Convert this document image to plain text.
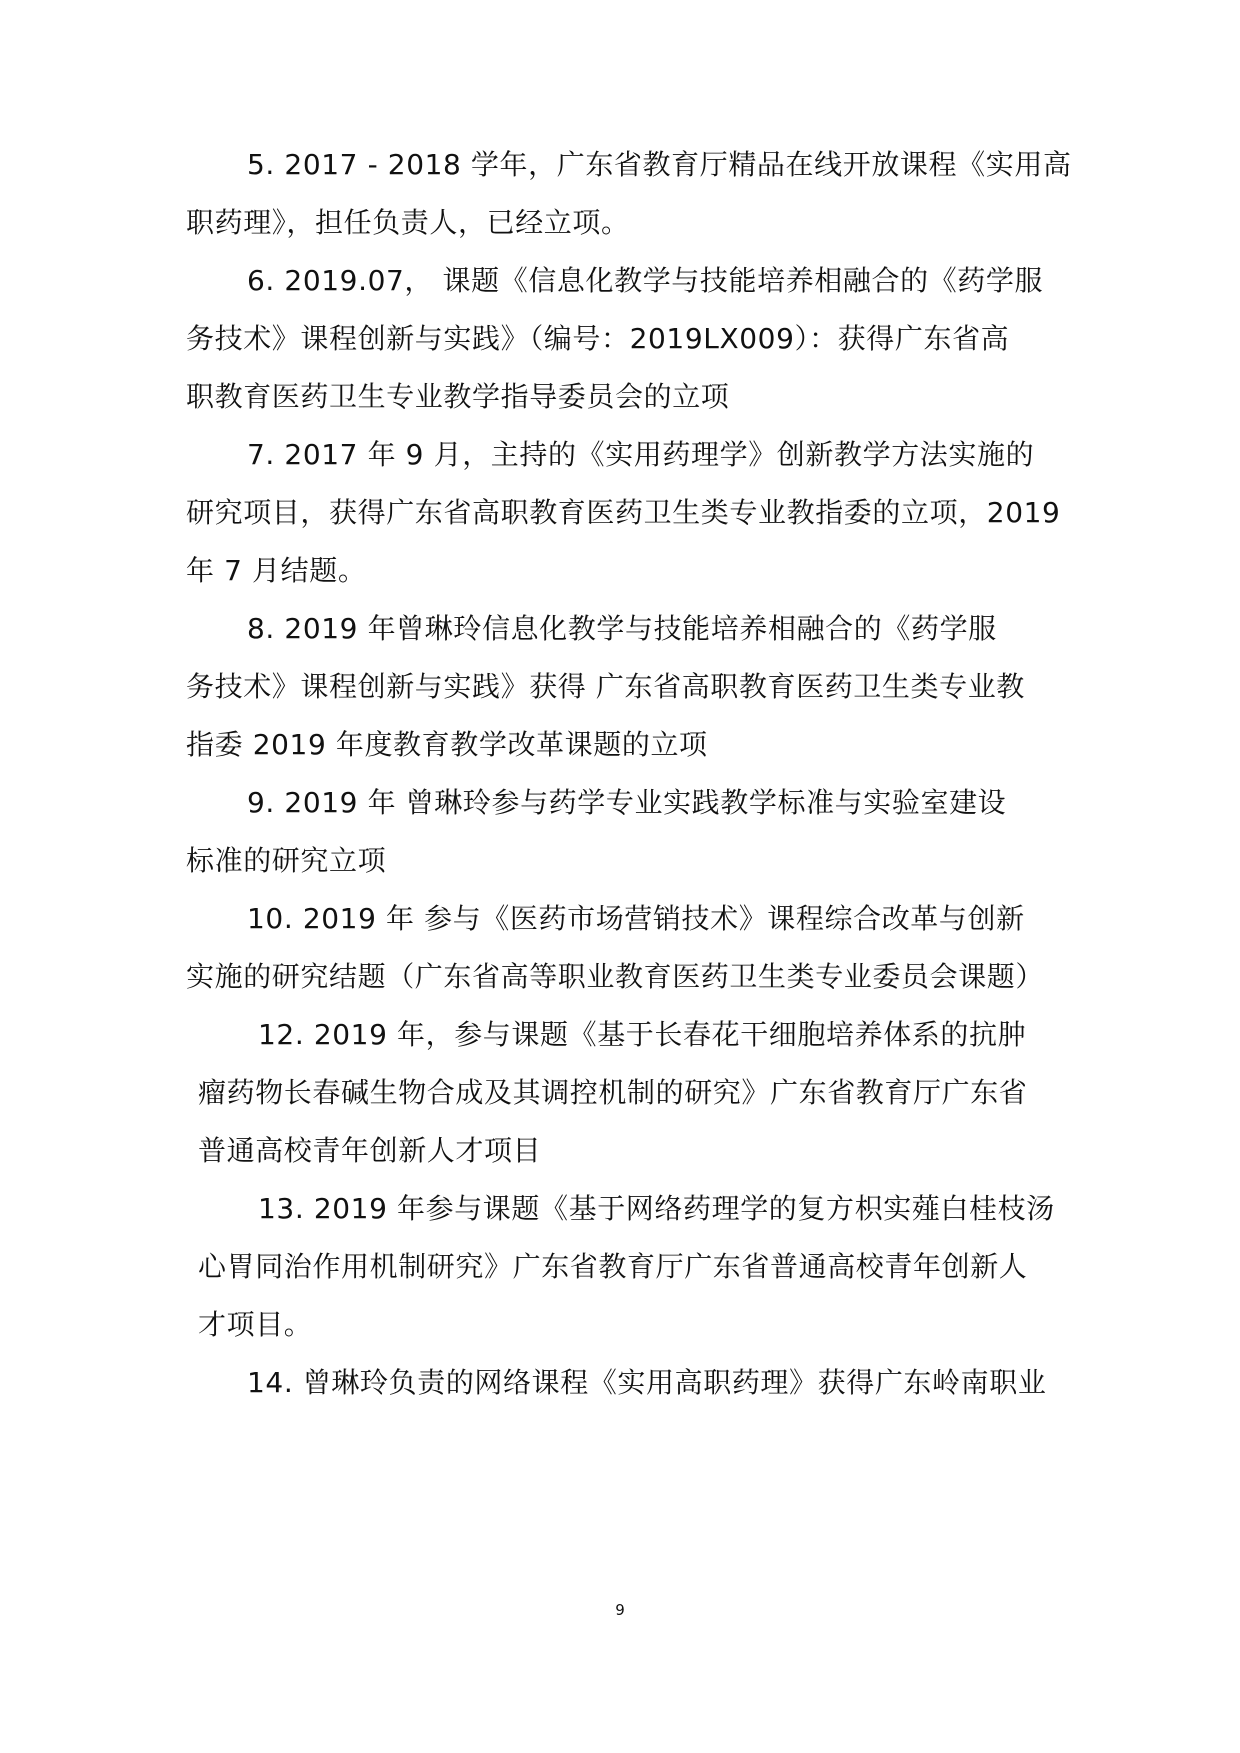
5. 2017 - 2018 学年，广东省教育厅精品在线开放课程《实用高
职药理》，担任负责人，已经立项。
6. 2019.07， 课题《信息化教学与技能培养相融合的《药学服
务技术》课程创新与实践》（编号：2019LX009）：获得广东省高
职教育医药卫生专业教学指导委员会的立项
7. 2017 年 9 月，主持的《实用药理学》创新教学方法实施的
研究项目，获得广东省高职教育医药卫生类专业教指委的立项，2019
年 7 月结题。
8. 2019 年曾琳玲信息化教学与技能培养相融合的《药学服
务技术》课程创新与实践》获得 广东省高职教育医药卫生类专业教
指委 2019 年度教育教学改革课题的立项
9. 2019 年 曾琳玲参与药学专业实践教学标准与实验室建设
标准的研究立项
10. 2019 年 参与《医药市场营销技术》课程综合改革与创新
实施的研究结题（广东省高等职业教育医药卫生类专业委员会课题）
12. 2019 年，参与课题《基于长春花干细胞培养体系的抗肿
瘤药物长春碱生物合成及其调控机制的研究》广东省教育厅广东省
普通高校青年创新人才项目
13. 2019 年参与课题《基于网络药理学的复方枳实薤白桂枝汤
心胃同治作用机制研究》广东省教育厅广东省普通高校青年创新人
才项目。
14. 曾琳玲负责的网络课程《实用高职药理》获得广东岭南职业
9
